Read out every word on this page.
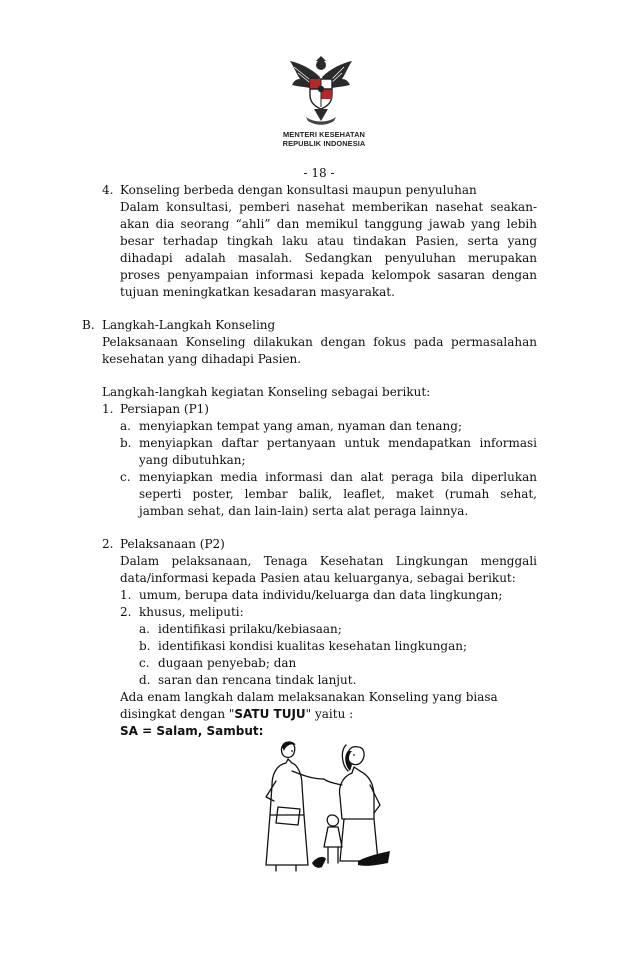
MENTERI KESEHATAN
REPUBLIK INDONESIA
- 18 -
4. Konseling berbeda dengan konsultasi maupun penyuluhan
Dalam konsultasi, pemberi nasehat memberikan nasehat seakan-
akan dia seorang “ahli” dan memikul tanggung jawab yang lebih
besar terhadap tingkah laku atau tindakan Pasien, serta yang
dihadapi adalah masalah. Sedangkan penyuluhan merupakan
proses penyampaian informasi kepada kelompok sasaran dengan
tujuan meningkatkan kesadaran masyarakat.
B. Langkah-Langkah Konseling
Pelaksanaan Konseling dilakukan dengan fokus pada permasalahan
kesehatan yang dihadapi Pasien.
Langkah-langkah kegiatan Konseling sebagai berikut:
1. Persiapan (P1)
a. menyiapkan tempat yang aman, nyaman dan tenang;
b. menyiapkan daftar pertanyaan untuk mendapatkan informasi
yang dibutuhkan;
c. menyiapkan media informasi dan alat peraga bila diperlukan
seperti poster, lembar balik, leaflet, maket (rumah sehat,
jamban sehat, dan lain-lain) serta alat peraga lainnya.
2. Pelaksanaan (P2)
Dalam pelaksanaan, Tenaga Kesehatan Lingkungan menggali
data/informasi kepada Pasien atau keluarganya, sebagai berikut:
1. umum, berupa data individu/keluarga dan data lingkungan;
2. khusus, meliputi:
a. identifikasi prilaku/kebiasaan;
b. identifikasi kondisi kualitas kesehatan lingkungan;
c. dugaan penyebab; dan
d. saran dan rencana tindak lanjut.
Ada enam langkah dalam melaksanakan Konseling yang biasa
disingkat dengan "SATU TUJU" yaitu :
SA = Salam, Sambut:
